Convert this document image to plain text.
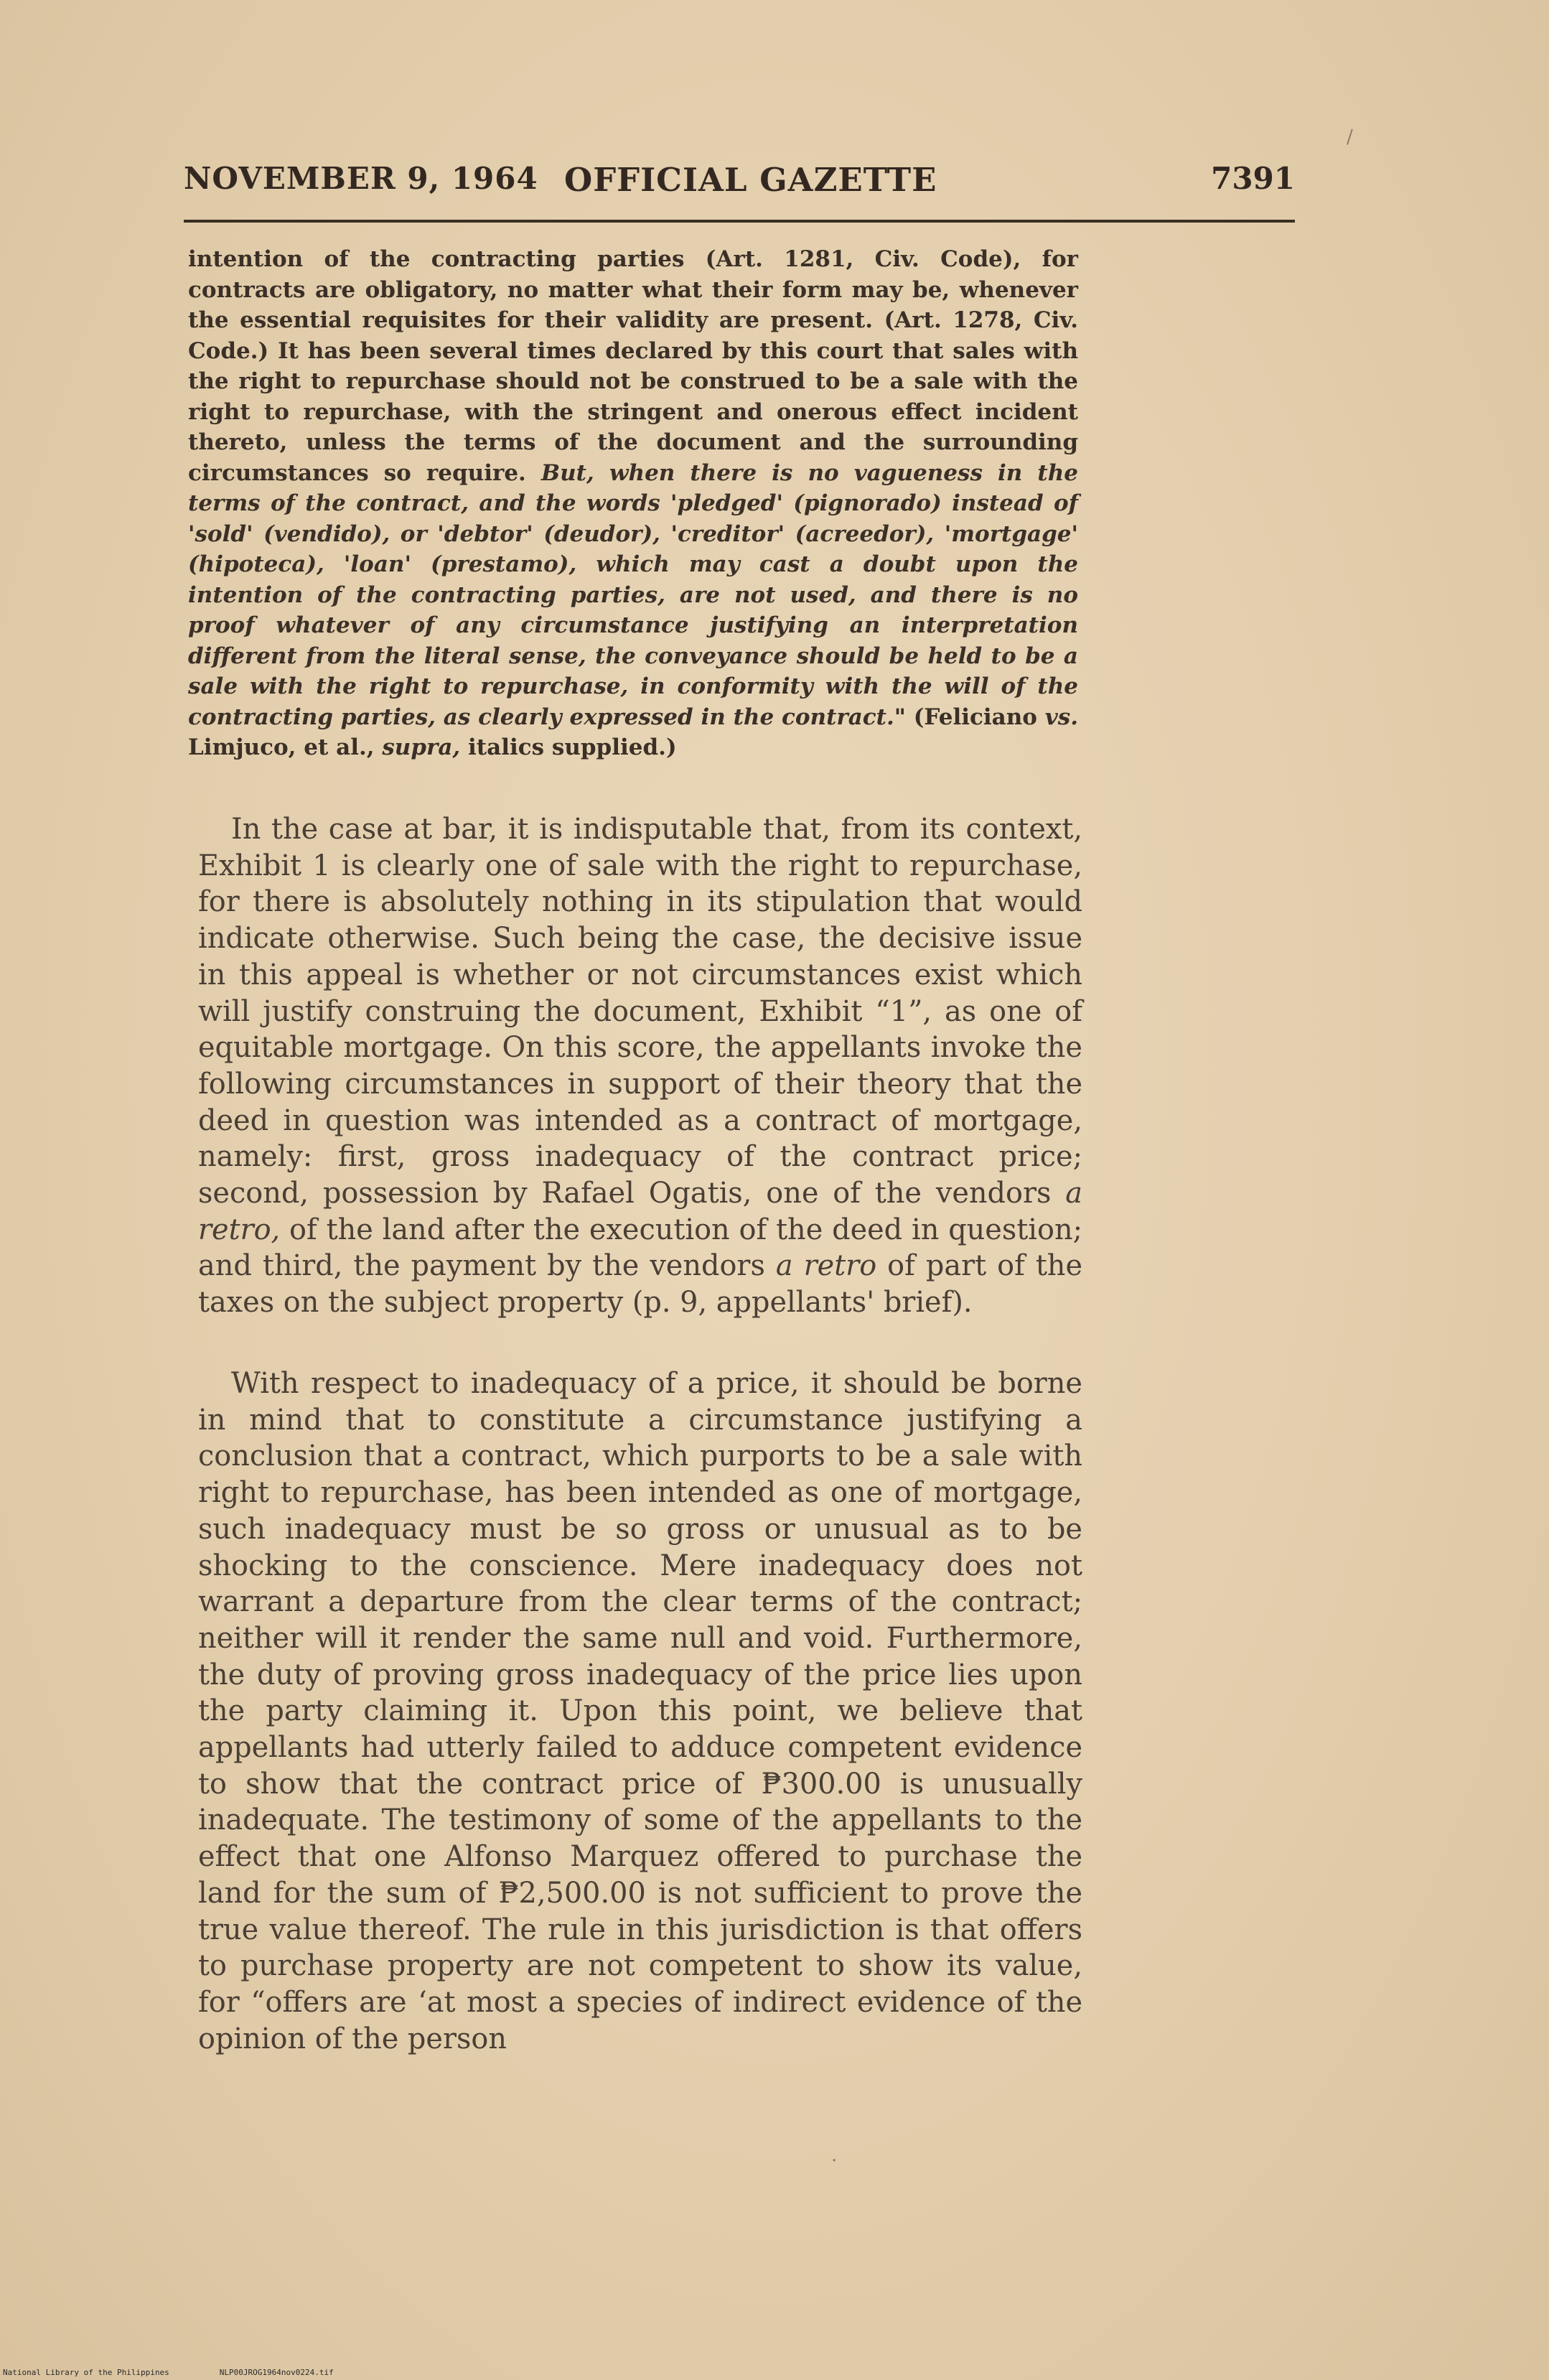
NOVEMBER 9, 1964 OFFICIAL GAZETTE	7391
intention of the contracting parties (Art. 1281, Civ. Code), for contracts are obligatory, no matter what their form may be, whenever the essential requisites for their validity are present. (Art. 1278, Civ. Code.) It has been several times declared by this court that sales with the right to repurchase should not be construed to be a sale with the right to repurchase, with the stringent and onerous effect incident thereto, unless the terms of the document and the surrounding circumstances so require. But, when there is no vagueness in the terms of the contract, and the words 'pledged' (pignorado) instead of 'sold' (vendido), or 'debtor' (deudor), 'creditor' (acreedor), 'mortgage' (hipoteca), 'loan' (prestamo), which may cast a doubt upon the intention of the contracting parties, are not used, and there is no proof whatever of any circumstance justifying an interpretation different from the literal sense, the conveyance should be held to be a sale with the right to repurchase, in conformity with the will of the contracting parties, as clearly expressed in the contract." (Feliciano vs. Limjuco, et al., supra, italics supplied.)
In the case at bar, it is indisputable that, from its context, Exhibit 1 is clearly one of sale with the right to repurchase, for there is absolutely nothing in its stipulation that would indicate otherwise. Such being the case, the decisive issue in this appeal is whether or not circumstances exist which will justify construing the document, Exhibit “1”, as one of equitable mortgage. On this score, the appellants invoke the following circumstances in support of their theory that the deed in question was intended as a contract of mortgage, namely: first, gross inadequacy of the contract price; second, possession by Rafael Ogatis, one of the vendors a retro, of the land after the execution of the deed in question; and third, the payment by the vendors a retro of part of the taxes on the subject property (p. 9, appellants' brief).
With respect to inadequacy of a price, it should be borne in mind that to constitute a circumstance justifying a conclusion that a contract, which purports to be a sale with right to repurchase, has been intended as one of mortgage, such inadequacy must be so gross or unusual as to be shocking to the conscience. Mere inadequacy does not warrant a departure from the clear terms of the contract; neither will it render the same null and void. Furthermore, the duty of proving gross inadequacy of the price lies upon the party claiming it. Upon this point, we believe that appellants had utterly failed to adduce competent evidence to show that the contract price of ₱300.00 is unusually inadequate. The testimony of some of the appellants to the effect that one Alfonso Marquez offered to purchase the land for the sum of ₱2,500.00 is not sufficient to prove the true value thereof. The rule in this jurisdiction is that offers to purchase property are not competent to show its value, for “offers are ‘at most a species of indirect evidence of the opinion of the person
/
·
National Library of the Philippines	NLP00JROG1964nov0224.tif
